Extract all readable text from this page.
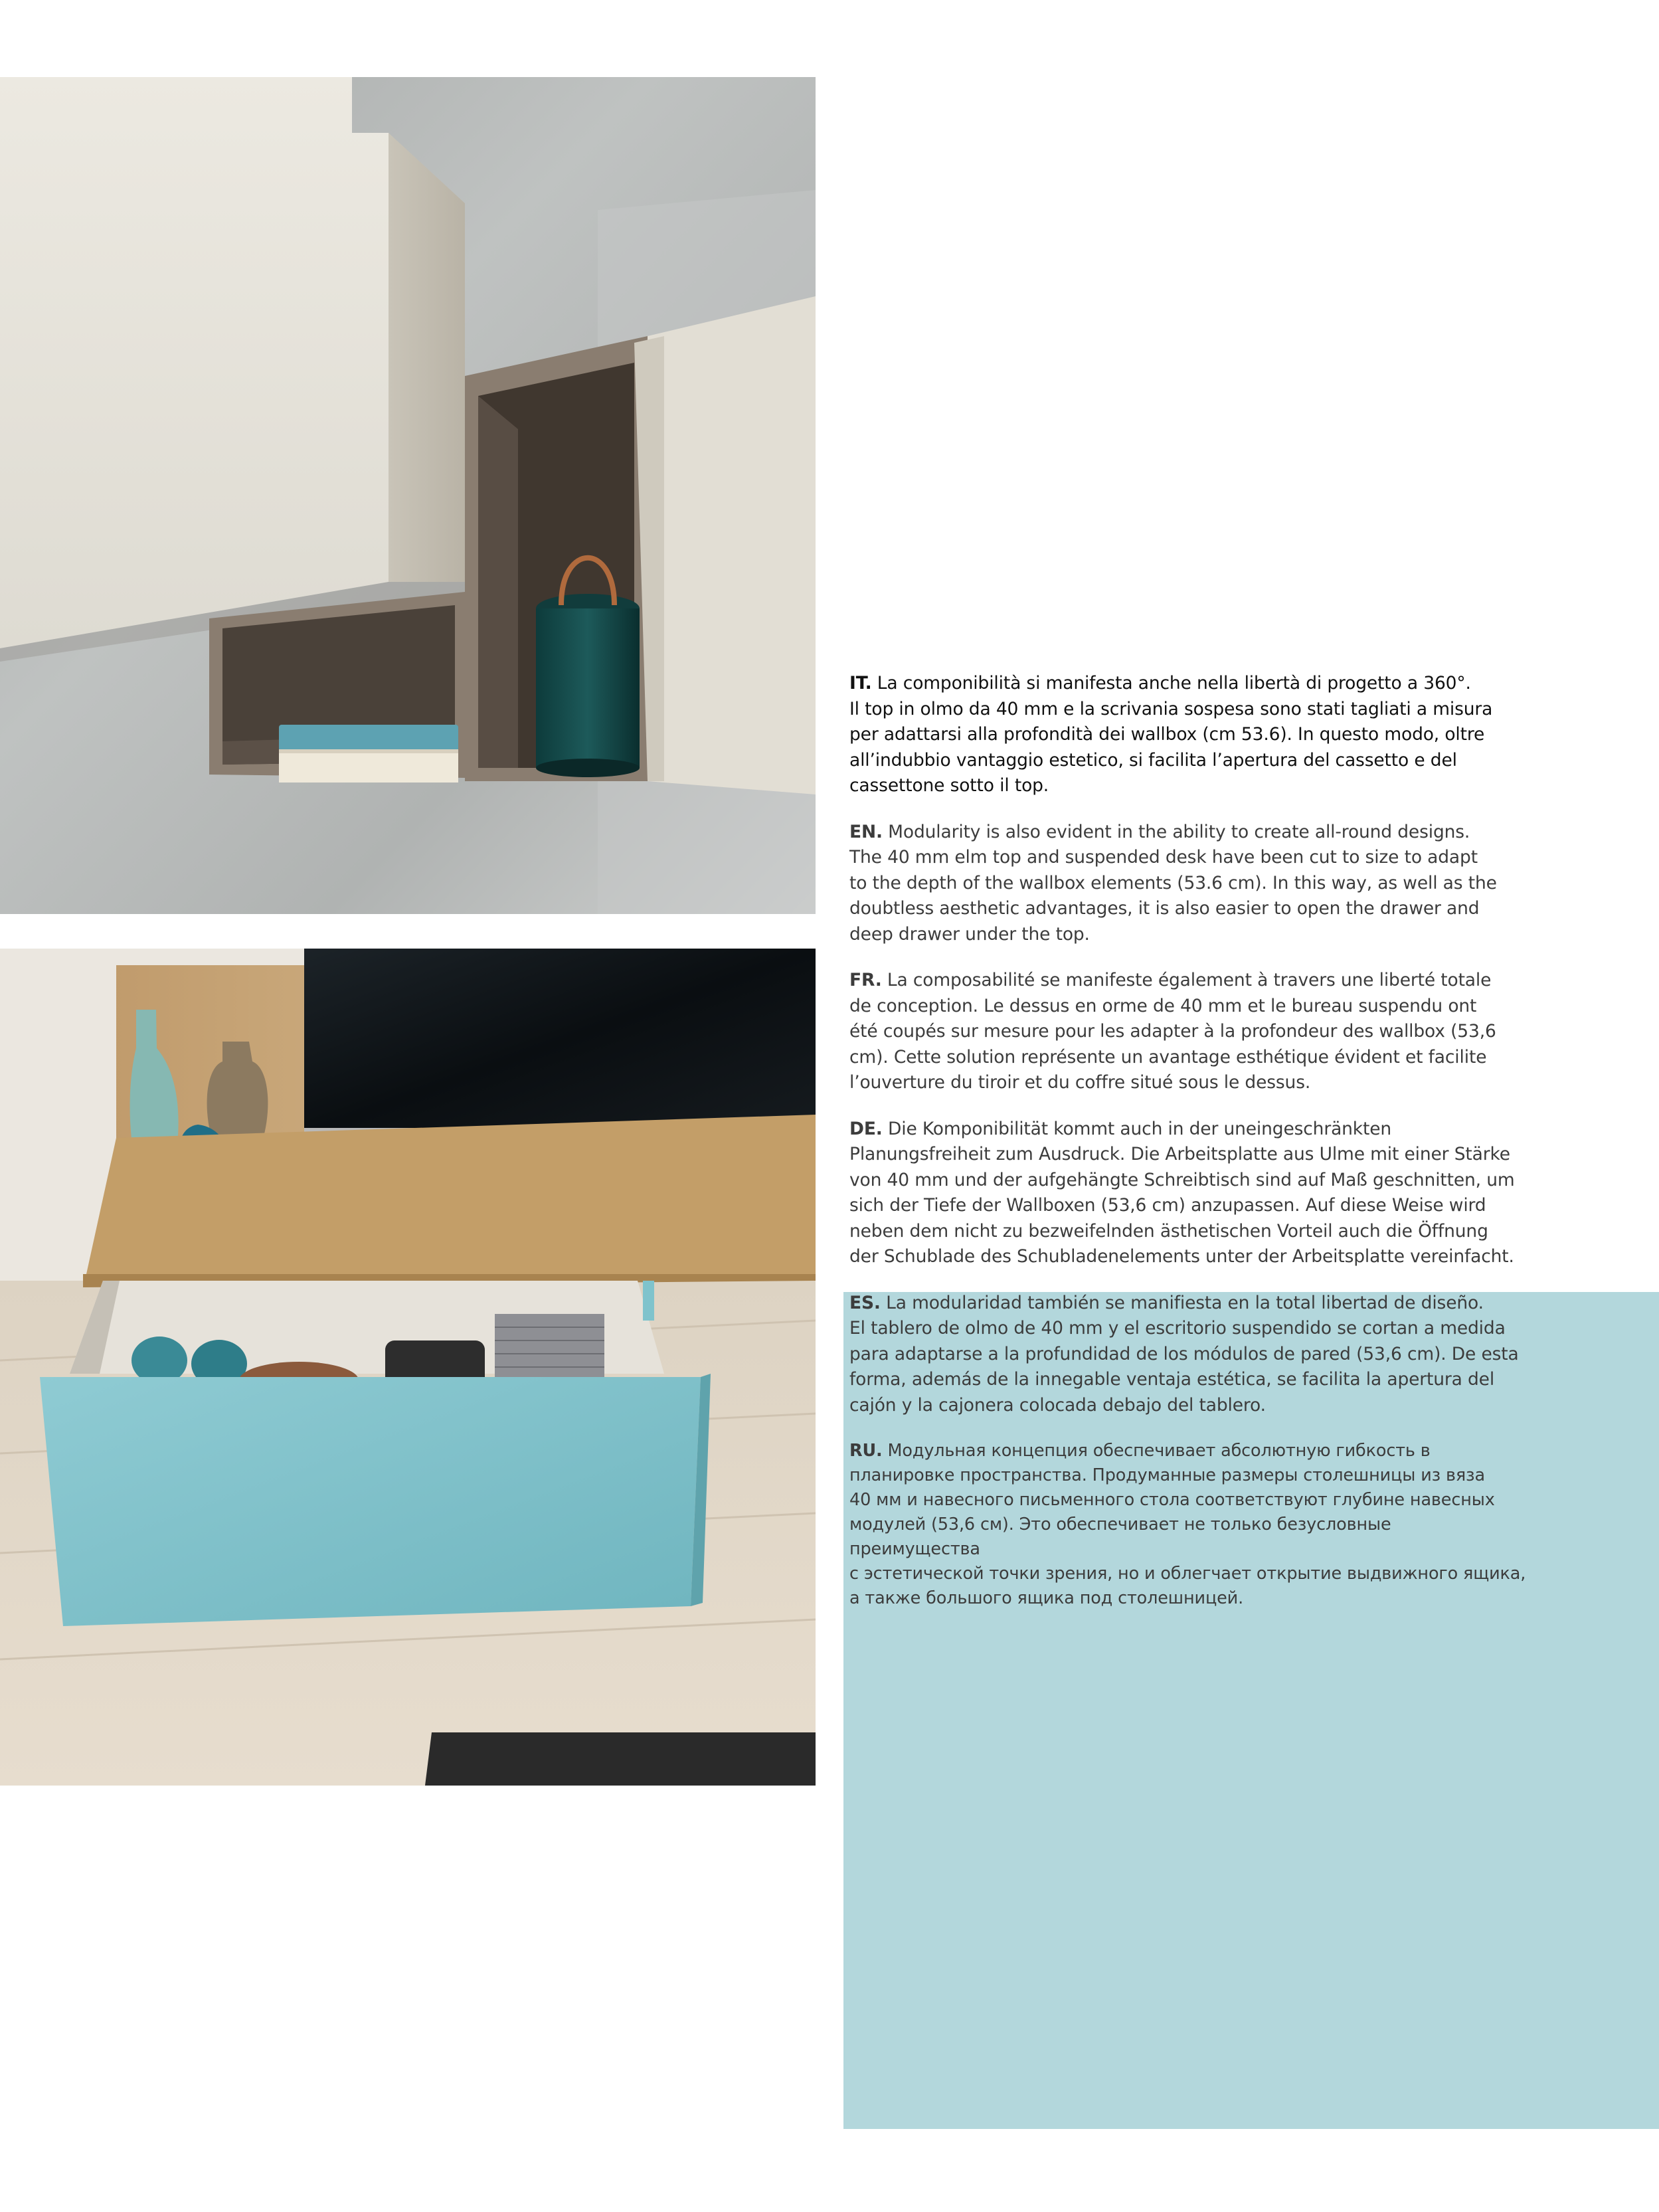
IT. La componibilità si manifesta anche nella libertà di progetto a 360°.
Il top in olmo da 40 mm e la scrivania sospesa sono stati tagliati a misura
per adattarsi alla profondità dei wallbox (cm 53.6). In questo modo, oltre
all’indubbio vantaggio estetico, si facilita l’apertura del cassetto e del
cassettone sotto il top.

EN. Modularity is also evident in the ability to create all-round designs.
The 40 mm elm top and suspended desk have been cut to size to adapt
to the depth of the wallbox elements (53.6 cm). In this way, as well as the
doubtless aesthetic advantages, it is also easier to open the drawer and
deep drawer under the top.

FR. La composabilité se manifeste également à travers une liberté totale
de conception. Le dessus en orme de 40 mm et le bureau suspendu ont
été coupés sur mesure pour les adapter à la profondeur des wallbox (53,6
cm). Cette solution représente un avantage esthétique évident et facilite
l’ouverture du tiroir et du coffre situé sous le dessus.

DE. Die Komponibilität kommt auch in der uneingeschränkten
Planungsfreiheit zum Ausdruck. Die Arbeitsplatte aus Ulme mit einer Stärke
von 40 mm und der aufgehängte Schreibtisch sind auf Maß geschnitten, um
sich der Tiefe der Wallboxen (53,6 cm) anzupassen. Auf diese Weise wird
neben dem nicht zu bezweifelnden ästhetischen Vorteil auch die Öffnung
der Schublade des Schubladenelements unter der Arbeitsplatte vereinfacht.

ES. La modularidad también se manifiesta en la total libertad de diseño.
El tablero de olmo de 40 mm y el escritorio suspendido se cortan a medida
para adaptarse a la profundidad de los módulos de pared (53,6 cm). De esta
forma, además de la innegable ventaja estética, se facilita la apertura del
cajón y la cajonera colocada debajo del tablero.

RU. Модульная концепция обеспечивает абсолютную гибкость в
планировке пространства. Продуманные размеры столешницы из вяза
40 мм и навесного письменного стола соответствуют глубине навесных
модулей (53,6 см). Это обеспечивает не только безусловные преимущества
с эстетической точки зрения, но и облегчает открытие выдвижного ящика,
а также большого ящика под столешницей.
